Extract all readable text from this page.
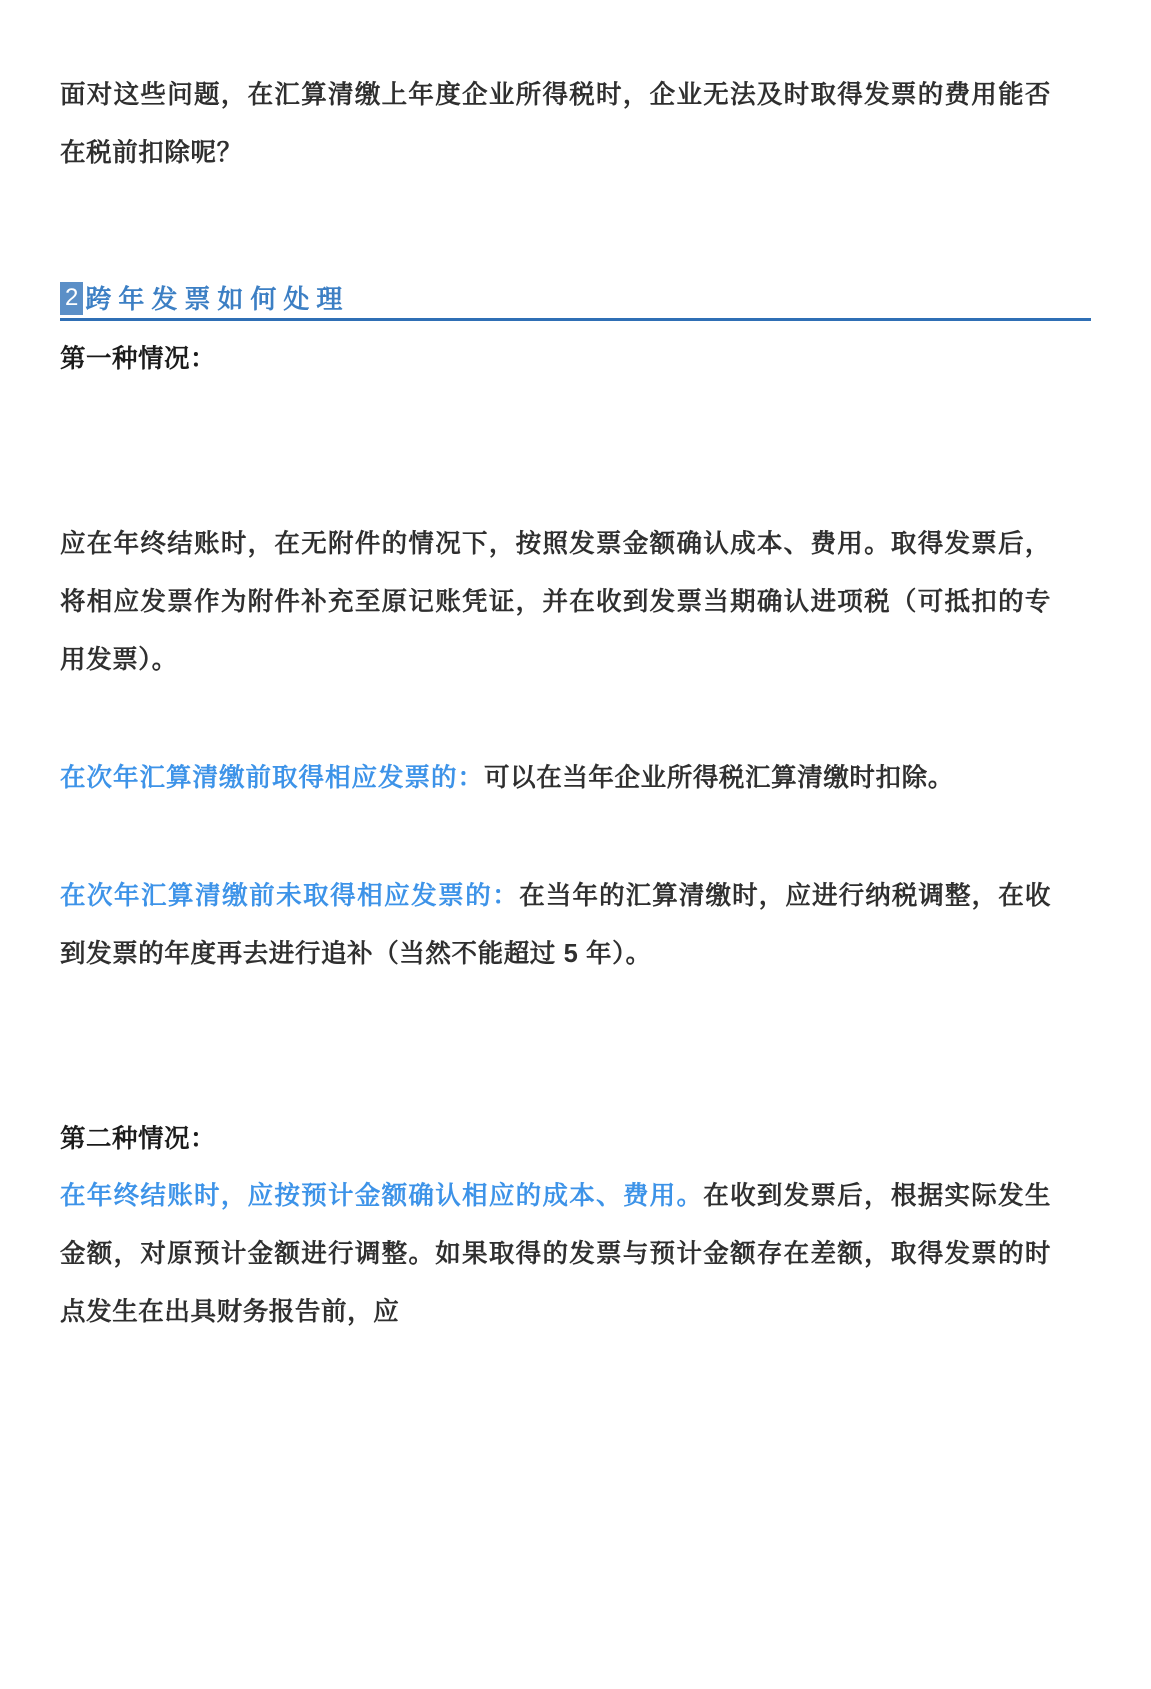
面对这些问题，在汇算清缴上年度企业所得税时，企业无法及时取得发票的费用能否在税前扣除呢？

2 跨年发票如何处理

第一种情况：

应在年终结账时，在无附件的情况下，按照发票金额确认成本、费用。取得发票后，将相应发票作为附件补充至原记账凭证，并在收到发票当期确认进项税（可抵扣的专用发票）。

在次年汇算清缴前取得相应发票的：可以在当年企业所得税汇算清缴时扣除。

在次年汇算清缴前未取得相应发票的：在当年的汇算清缴时，应进行纳税调整，在收到发票的年度再去进行追补（当然不能超过 5 年）。

第二种情况：

在年终结账时，应按预计金额确认相应的成本、费用。在收到发票后，根据实际发生金额，对原预计金额进行调整。如果取得的发票与预计金额存在差额，取得发票的时点发生在出具财务报告前，应
